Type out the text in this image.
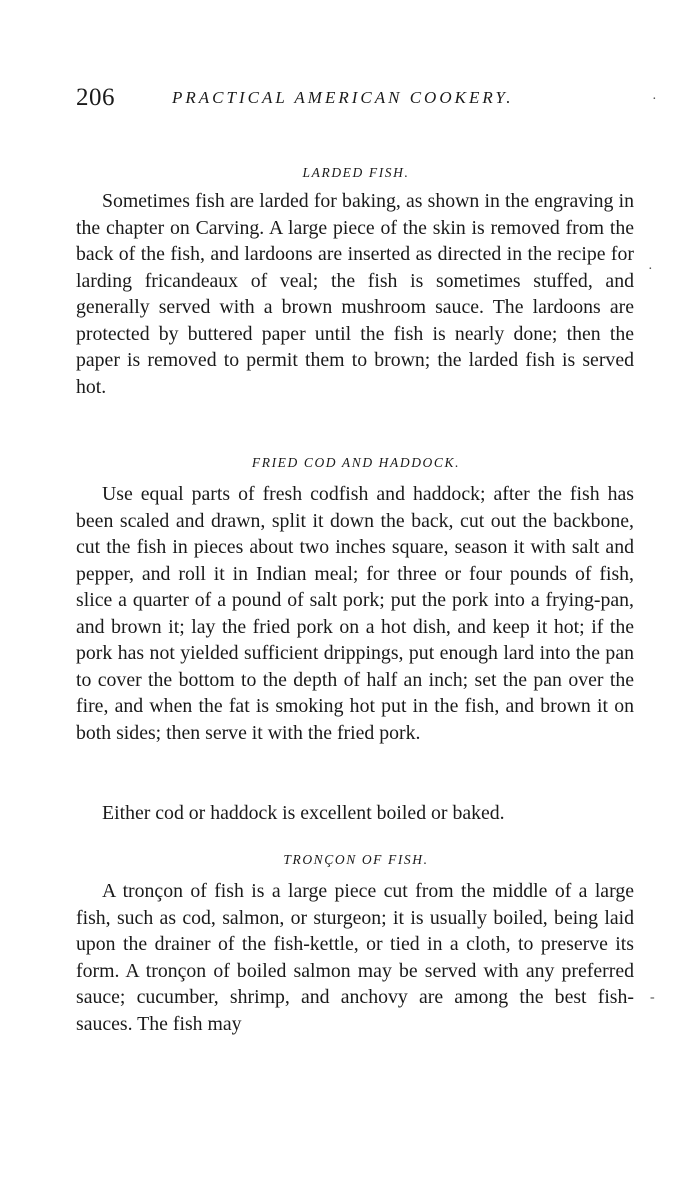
206	PRACTICAL AMERICAN COOKERY.
LARDED FISH.

Sometimes fish are larded for baking, as shown in the engraving in the chapter on Carving. A large piece of the skin is removed from the back of the fish, and lardoons are inserted as directed in the recipe for larding fricandeaux of veal; the fish is sometimes stuffed, and generally served with a brown mushroom sauce. The lardoons are protected by buttered paper until the fish is nearly done; then the paper is removed to permit them to brown; the larded fish is served hot.

FRIED COD AND HADDOCK.

Use equal parts of fresh codfish and haddock; after the fish has been scaled and drawn, split it down the back, cut out the backbone, cut the fish in pieces about two inches square, season it with salt and pepper, and roll it in Indian meal; for three or four pounds of fish, slice a quarter of a pound of salt pork; put the pork into a frying-pan, and brown it; lay the fried pork on a hot dish, and keep it hot; if the pork has not yielded sufficient drippings, put enough lard into the pan to cover the bottom to the depth of half an inch; set the pan over the fire, and when the fat is smoking hot put in the fish, and brown it on both sides; then serve it with the fried pork.

Either cod or haddock is excellent boiled or baked.

TRONÇON OF FISH.

A tronçon of fish is a large piece cut from the middle of a large fish, such as cod, salmon, or sturgeon; it is usually boiled, being laid upon the drainer of the fish-kettle, or tied in a cloth, to preserve its form. A tronçon of boiled salmon may be served with any preferred sauce; cucumber, shrimp, and anchovy are among the best fish-sauces. The fish may

·
·
-
